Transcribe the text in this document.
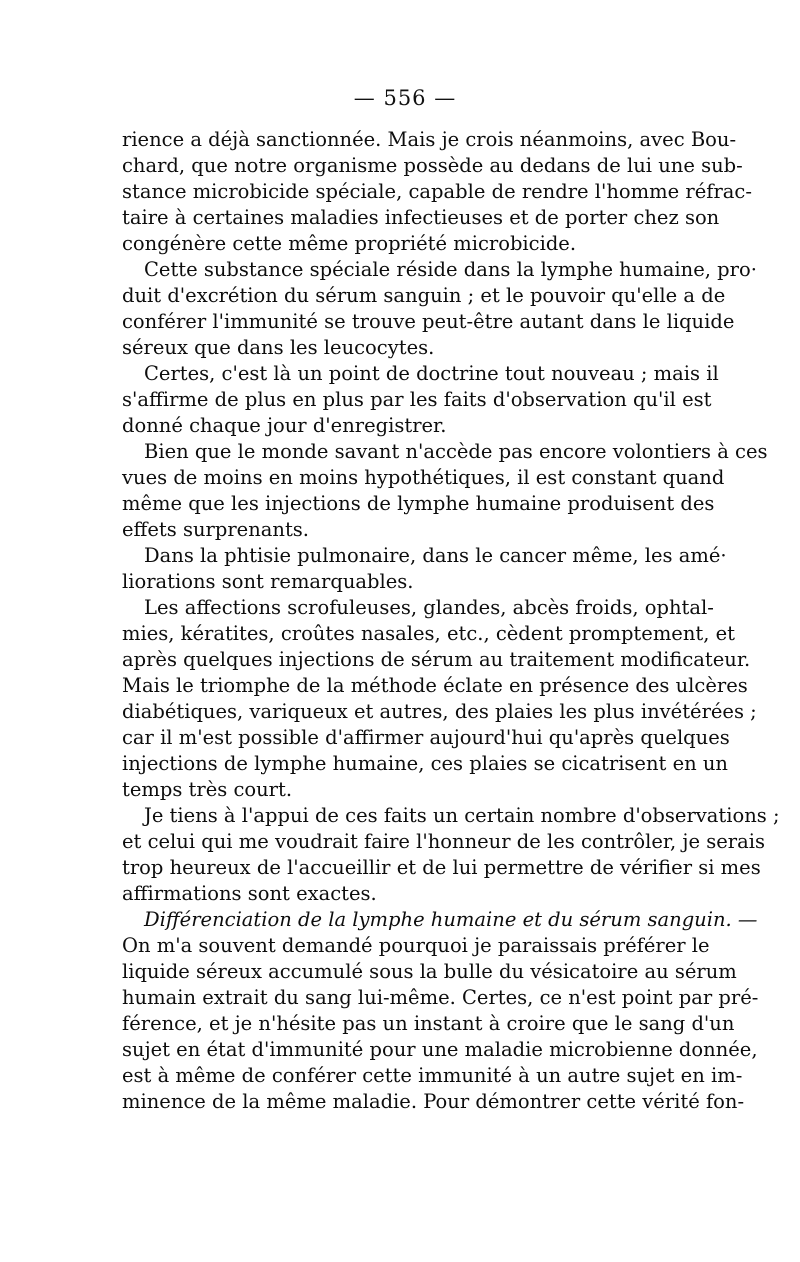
— 556 —
rience a déjà sanctionnée. Mais je crois néanmoins, avec Bou-
chard, que notre organisme possède au dedans de lui une sub-
stance microbicide spéciale, capable de rendre l'homme réfrac-
taire à certaines maladies infectieuses et de porter chez son
congénère cette même propriété microbicide.
Cette substance spéciale réside dans la lymphe humaine, pro·
duit d'excrétion du sérum sanguin ; et le pouvoir qu'elle a de
conférer l'immunité se trouve peut-être autant dans le liquide
séreux que dans les leucocytes.
Certes, c'est là un point de doctrine tout nouveau ; mais il
s'affirme de plus en plus par les faits d'observation qu'il est
donné chaque jour d'enregistrer.
Bien que le monde savant n'accède pas encore volontiers à ces
vues de moins en moins hypothétiques, il est constant quand
même que les injections de lymphe humaine produisent des
effets surprenants.
Dans la phtisie pulmonaire, dans le cancer même, les amé·
liorations sont remarquables.
Les affections scrofuleuses, glandes, abcès froids, ophtal-
mies, kératites, croûtes nasales, etc., cèdent promptement, et
après quelques injections de sérum au traitement modificateur.
Mais le triomphe de la méthode éclate en présence des ulcères
diabétiques, variqueux et autres, des plaies les plus invétérées ;
car il m'est possible d'affirmer aujourd'hui qu'après quelques
injections de lymphe humaine, ces plaies se cicatrisent en un
temps très court.
Je tiens à l'appui de ces faits un certain nombre d'observations ;
et celui qui me voudrait faire l'honneur de les contrôler, je serais
trop heureux de l'accueillir et de lui permettre de vérifier si mes
affirmations sont exactes.
Différenciation de la lymphe humaine et du sérum sanguin. —
On m'a souvent demandé pourquoi je paraissais préférer le
liquide séreux accumulé sous la bulle du vésicatoire au sérum
humain extrait du sang lui-même. Certes, ce n'est point par pré-
férence, et je n'hésite pas un instant à croire que le sang d'un
sujet en état d'immunité pour une maladie microbienne donnée,
est à même de conférer cette immunité à un autre sujet en im-
minence de la même maladie. Pour démontrer cette vérité fon-
